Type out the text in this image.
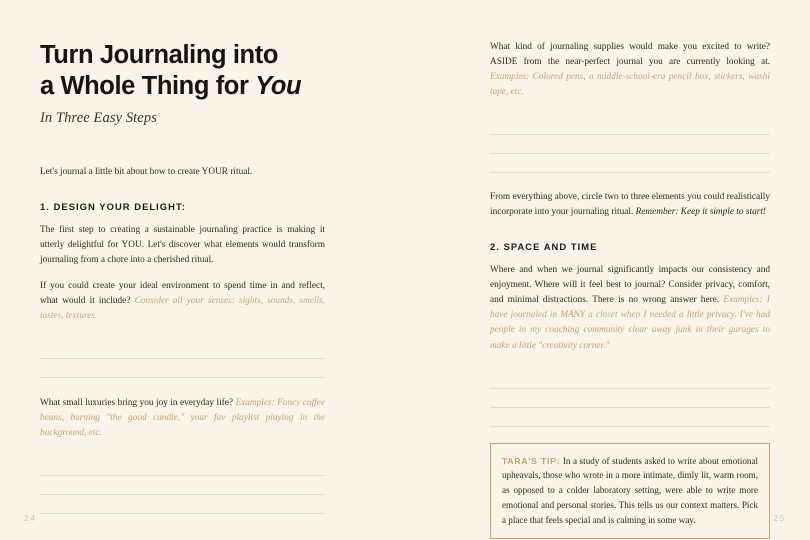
Turn Journaling into
a Whole Thing for You
In Three Easy Steps

Let's journal a little bit about how to create YOUR ritual.

1. DESIGN YOUR DELIGHT:

The first step to creating a sustainable journaling practice is making it utterly delightful for YOU. Let's discover what elements would transform journaling from a chore into a cherished ritual.

If you could create your ideal environment to spend time in and reflect, what would it include? Consider all your senses: sights, sounds, smells, tastes, textures.

What small luxuries bring you joy in everyday life? Examples: Fancy coffee beans, burning "the good candle," your fav playlist playing in the background, etc.

24

What kind of journaling supplies would make you excited to write? ASIDE from the near-perfect journal you are currently looking at. Examples: Colored pens, a middle-school-era pencil box, stickers, washi tape, etc.

From everything above, circle two to three elements you could realistically incorporate into your journaling ritual. Remember: Keep it simple to start!

2. SPACE AND TIME

Where and when we journal significantly impacts our consistency and enjoyment. Where will it feel best to journal? Consider privacy, comfort, and minimal distractions. There is no wrong answer here. Examples: I have journaled in MANY a closet when I needed a little privacy. I've had people in my coaching community clear away junk in their garages to make a little "creativity corner."

TARA'S TIP: In a study of students asked to write about emotional upheavals, those who wrote in a more intimate, dimly lit, warm room, as opposed to a colder laboratory setting, were able to write more emotional and personal stories. This tells us our context matters. Pick a place that feels special and is calming in some way.	25
